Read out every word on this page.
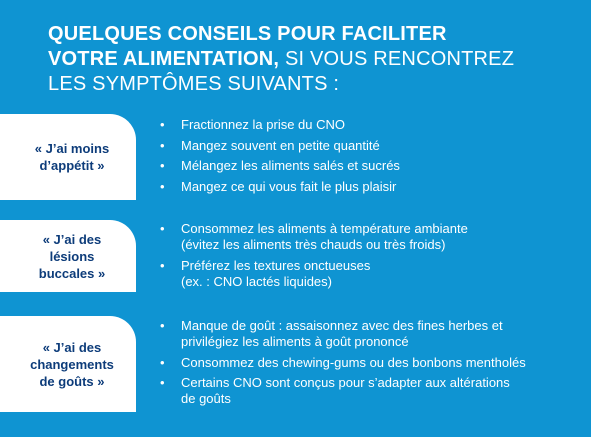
QUELQUES CONSEILS POUR FACILITER
VOTRE ALIMENTATION, SI VOUS RENCONTREZ
LES SYMPTÔMES SUIVANTS :
« J’ai moins
d’appétit »
• Fractionnez la prise du CNO
• Mangez souvent en petite quantité
• Mélangez les aliments salés et sucrés
• Mangez ce qui vous fait le plus plaisir
« J’ai des
lésions
buccales »
• Consommez les aliments à température ambiante
(évitez les aliments très chauds ou très froids)
• Préférez les textures onctueuses
(ex. : CNO lactés liquides)
« J’ai des
changements
de goûts »
• Manque de goût : assaisonnez avec des fines herbes et
privilégiez les aliments à goût prononcé
• Consommez des chewing-gums ou des bonbons mentholés
• Certains CNO sont conçus pour s’adapter aux altérations
de goûts
